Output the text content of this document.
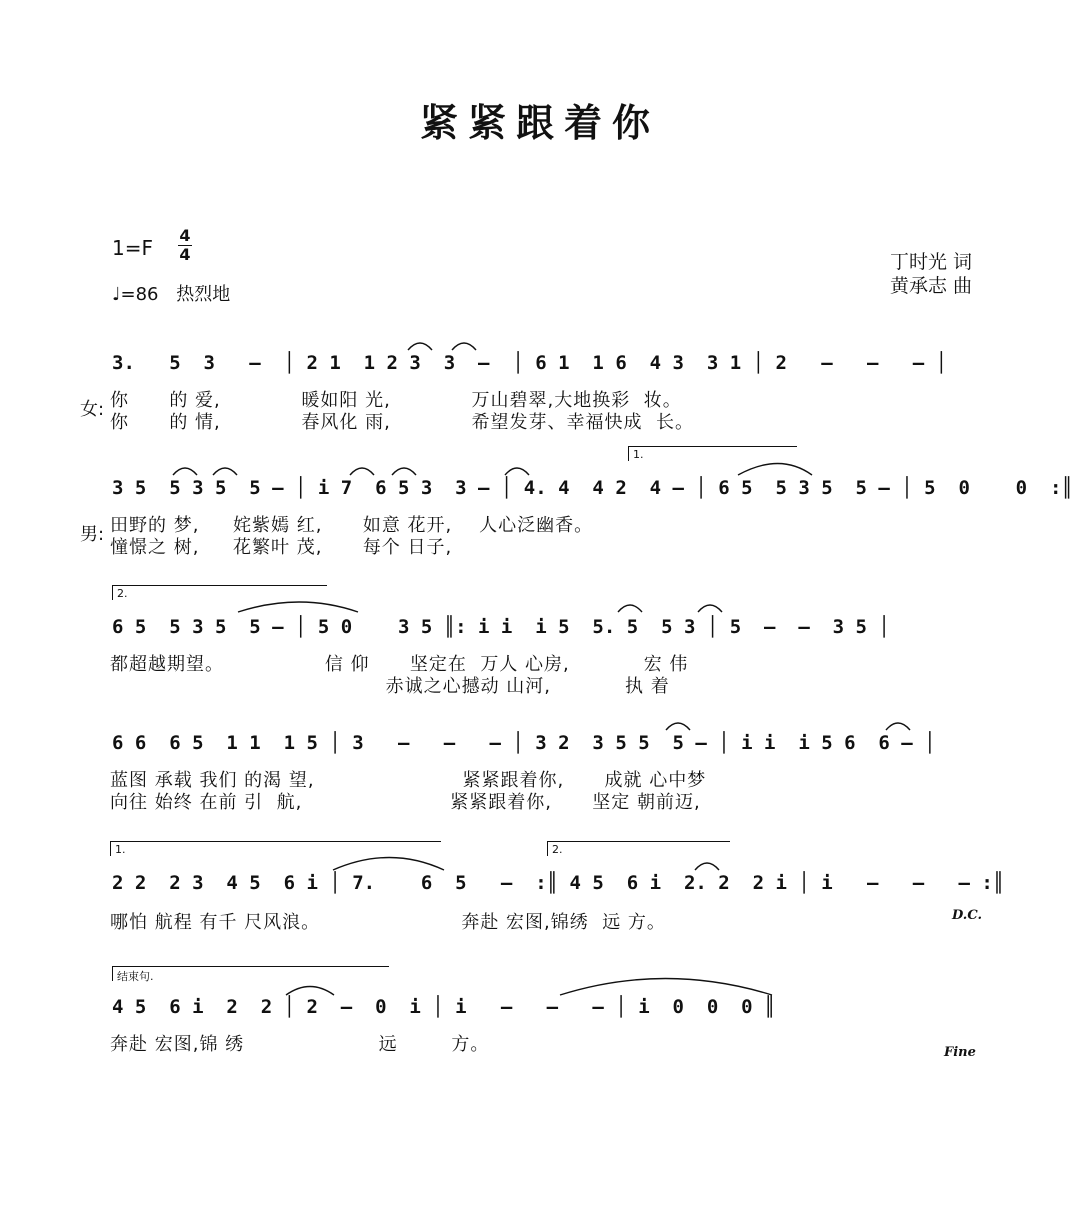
紧紧跟着你
1=F
4
4
♩=86 热烈地
丁时光 词
黄承志 曲
3.   5  3   –  │ 2 1  1 2 3  3  –  │ 6 1  1 6  4 3  3 1 │ 2   –   –   – │
女: 你      的 爱,            暖如阳 光,            万山碧翠,大地换彩  妆。
你      的 情,            春风化 雨,            希望发芽、幸福快成  长。
1.
3 5  5 3 5  5 – │ i 7  6 5 3  3 – │ 4. 4  4 2  4 – │ 6 5  5 3 5  5 – │ 5  0    0  :║
男: 田野的 梦,     姹紫嫣 红,      如意 花开,    人心泛幽香。
憧憬之 树,     花繁叶 茂,      每个 日子,
2.
6 5  5 3 5  5 – │ 5 0    3 5 ║: i i  i 5  5. 5  5 3 │ 5  –  –  3 5 │
都超越期望。               信 仰      坚定在  万人 心房,           宏 伟
赤诚之心撼动 山河,           执 着
6 6  6 5  1 1  1 5 │ 3   –   –   – │ 3 2  3 5 5  5 – │ i i  i 5 6  6 – │
蓝图 承载 我们 的渴 望,                      紧紧跟着你,      成就 心中梦
向往 始终 在前 引  航,                      紧紧跟着你,      坚定 朝前迈,
1.	2.
2 2  2 3  4 5  6 i │ 7.    6  5   –  :║ 4 5  6 i  2. 2  2 i │ i   –   –   – :║
哪怕 航程 有千 尺风浪。                     奔赴 宏图,锦绣  远 方。	D.C.
结束句.
4 5  6 i  2  2 │ 2  –  0  i │ i   –   –   – │ i  0  0  0 ║
奔赴 宏图,锦 绣                    远        方。	Fine
